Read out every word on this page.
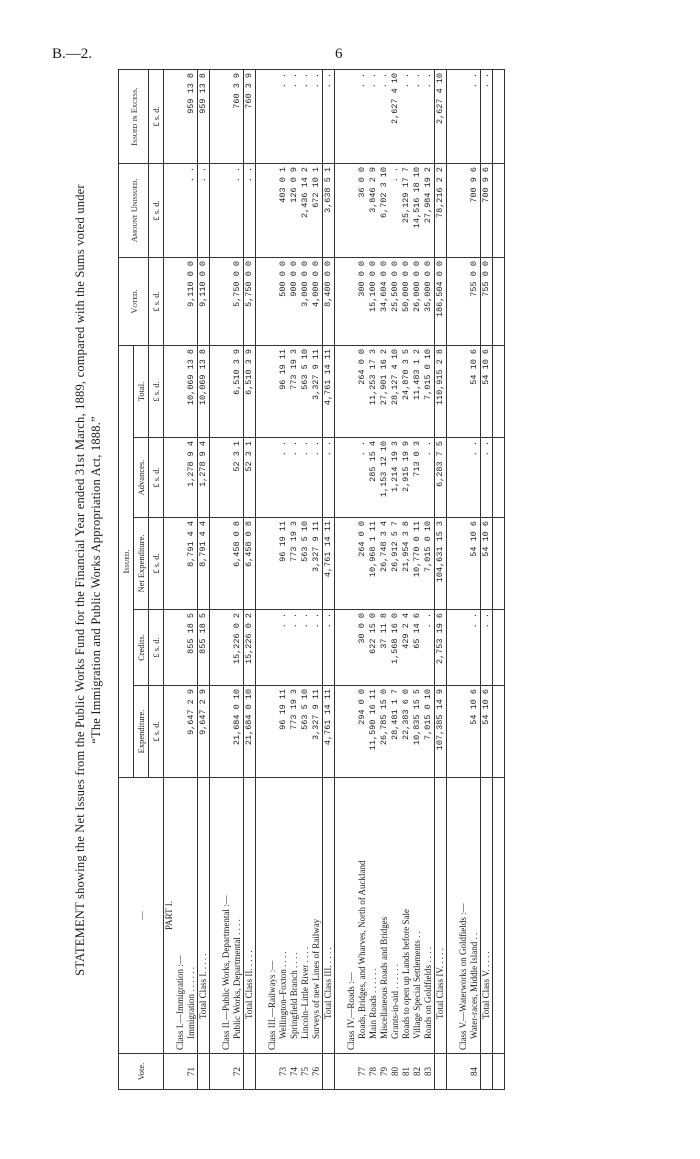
B.—2.	6
STATEMENT showing the Net Issues from the Public Works Fund for the Financial Year ended 31st March, 1889, compared with the Sums voted under “The Immigration and Public Works Appropriation Act, 1888.”
Vote.	—	Issued.					Voted.	Amount Unissued.	Issued in Excess.
		Expenditure.	Credits.	Net Expenditure.	Advances.	Total.			
		£ s. d.	£ s. d.	£ s. d.	£ s. d.	£ s. d.	£ s. d.	£ s. d.	£ s. d.
	PART I.								
	Class I.—Immigration :—								
71	Immigration . . . . . .	9,647 2 9	855 18 5	8,791 4 4	1,278 9 4	10,069 13 8	9,110 0 0	. .	959 13 8
	Total Class I. . . . .	9,647 2 9	855 18 5	8,791 4 4	1,278 9 4	10,069 13 8	9,110 0 0	. .	959 13 8

	Class II.—Public Works, Departmental :—								
72	Public Works, Departmental . . . .	21,684 0 10	15,226 0 2	6,458 0 8	52 3 1	6,510 3 9	5,750 0 0	. .	760 3 9
	Total Class II. . . . .	21,684 0 10	15,226 0 2	6,458 0 8	52 3 1	6,510 3 9	5,750 0 0	. .	760 3 9

	Class III.—Railways :—								
73	Wellington–Foxton . . . .	96 19 11	. .	96 19 11	. .	96 19 11	500 0 0	403 0 1	. .
74	Springfield Branch . . . .	773 19 3	. .	773 19 3	. .	773 19 3	900 0 0	126 0 9	. .
75	Lincoln–Little River . . . .	563 5 10	. .	563 5 10	. .	563 5 10	3,000 0 0	2,436 14 2	. .
76	Surveys of new Lines of Railway	3,327 9 11	. .	3,327 9 11	. .	3,327 9 11	4,000 0 0	672 10 1	. .
	Total Class III. . . . .	4,761 14 11	. .	4,761 14 11	. .	4,761 14 11	8,400 0 0	3,638 5 1	. .

	Class IV.—Roads :—								
77	Roads, Bridges, and Wharves, North of Auckland	294 0 0	30 0 0	264 0 0	. .	264 0 0	300 0 0	36 0 0	. .
78	Main Roads . . . . . .	11,590 16 11	622 15 0	10,968 1 11	285 15 4	11,253 17 3	15,100 0 0	3,846 2 9	. .
79	Miscellaneous Roads and Bridges	26,785 15 0	37 11 8	26,748 3 4	1,153 12 10	27,901 16 2	34,604 0 0	6,702 3 10	. .
80	Grants-in-aid . . . . . .	28,481 1 7	1,568 16 0	26,912 5 7	1,214 19 3	28,127 4 10	25,500 0 0	. .	2,627 4 10
81	Roads to open up Lands before Sale	22,383 6 0	429 2 4	21,954 3 8	2,915 19 9	24,870 3 5	50,000 0 0	25,129 17 7	. .
82	Village Special Settlements . .	10,835 15 5	65 14 6	10,770 0 11	713 0 3	11,483 1 2	26,000 0 0	14,516 18 10	. .
83	Roads on Goldfields . . . .	7,015 0 10	. .	7,015 0 10	. .	7,015 0 10	35,000 0 0	27,984 19 2	. .
	Total Class IV. . . . .	107,385 14 9	2,753 19 6	104,631 15 3	6,283 7 5	110,915 2 8	186,504 0 0	78,216 2 2	2,627 4 10

	Class V.—Waterworks on Goldfields :—								
84	Water-races, Middle Island . .	54 10 6	. .	54 10 6	. .	54 10 6	755 0 0	700 9 6	. .
	Total Class V. . . . .	54 10 6	. .	54 10 6	. .	54 10 6	755 0 0	700 9 6	. .
